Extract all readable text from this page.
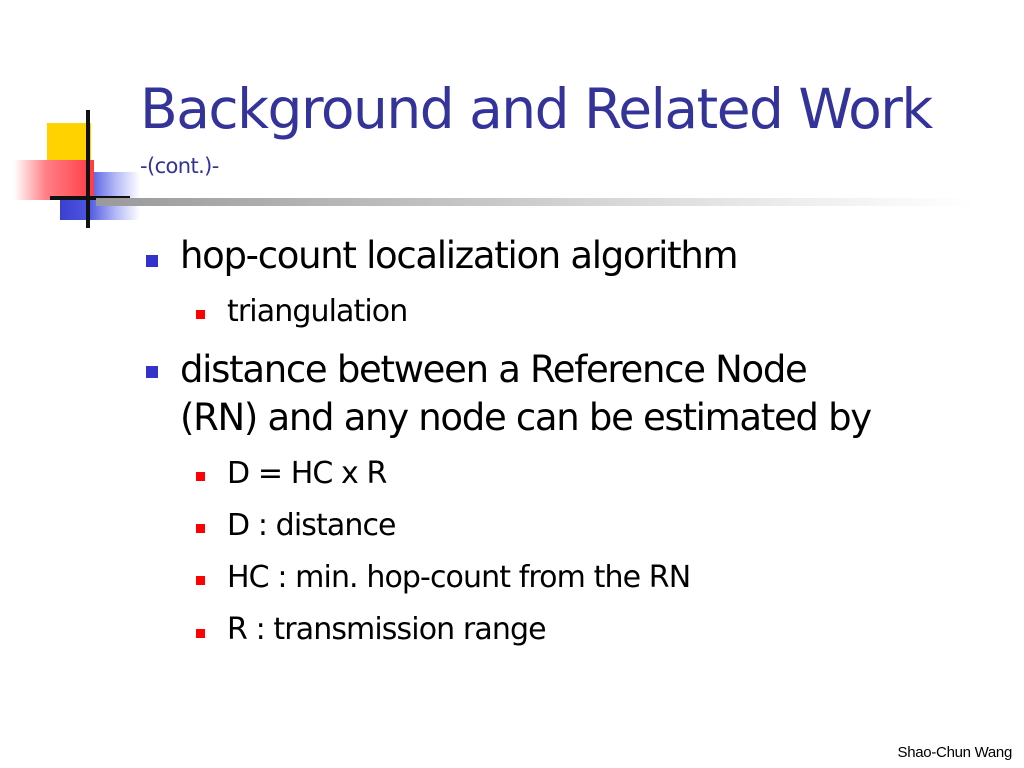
Background and Related Work
-(cont.)-
hop-count localization algorithm
triangulation
distance between a Reference Node
(RN) and any node can be estimated by
D = HC x R
D : distance
HC : min. hop-count from the RN
R : transmission range
Shao-Chun Wang
